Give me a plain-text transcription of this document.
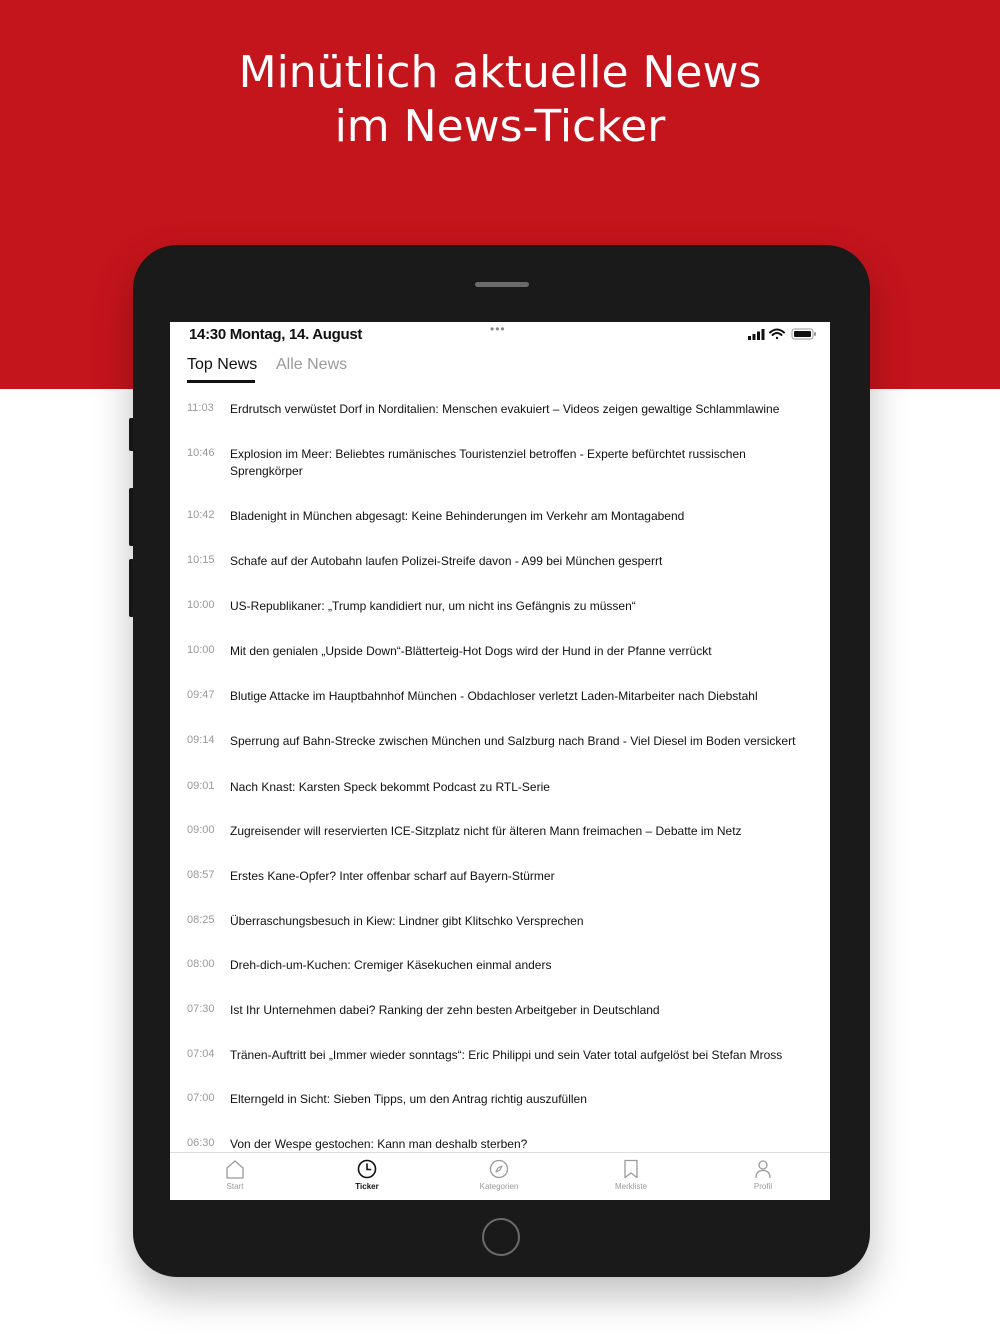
Minütlich aktuelle News
im News-Ticker
14:30 Montag, 14. August	•••
Top News Alle News
11:03	Erdrutsch verwüstet Dorf in Norditalien: Menschen evakuiert – Videos zeigen gewaltige Schlammlawine
10:46	Explosion im Meer: Beliebtes rumänisches Touristenziel betroffen - Experte befürchtet russischen Sprengkörper
10:42	Bladenight in München abgesagt: Keine Behinderungen im Verkehr am Montagabend
10:15	Schafe auf der Autobahn laufen Polizei-Streife davon - A99 bei München gesperrt
10:00	US-Republikaner: „Trump kandidiert nur, um nicht ins Gefängnis zu müssen“
10:00	Mit den genialen „Upside Down“-Blätterteig-Hot Dogs wird der Hund in der Pfanne verrückt
09:47	Blutige Attacke im Hauptbahnhof München - Obdachloser verletzt Laden-Mitarbeiter nach Diebstahl
09:14	Sperrung auf Bahn-Strecke zwischen München und Salzburg nach Brand - Viel Diesel im Boden versickert
09:01	Nach Knast: Karsten Speck bekommt Podcast zu RTL-Serie
09:00	Zugreisender will reservierten ICE-Sitzplatz nicht für älteren Mann freimachen – Debatte im Netz
08:57	Erstes Kane-Opfer? Inter offenbar scharf auf Bayern-Stürmer
08:25	Überraschungsbesuch in Kiew: Lindner gibt Klitschko Versprechen
08:00	Dreh-dich-um-Kuchen: Cremiger Käsekuchen einmal anders
07:30	Ist Ihr Unternehmen dabei? Ranking der zehn besten Arbeitgeber in Deutschland
07:04	Tränen-Auftritt bei „Immer wieder sonntags“: Eric Philippi und sein Vater total aufgelöst bei Stefan Mross
07:00	Elterngeld in Sicht: Sieben Tipps, um den Antrag richtig auszufüllen
06:30	Von der Wespe gestochen: Kann man deshalb sterben?
Start	Ticker	Kategorien	Merkliste	Profil
